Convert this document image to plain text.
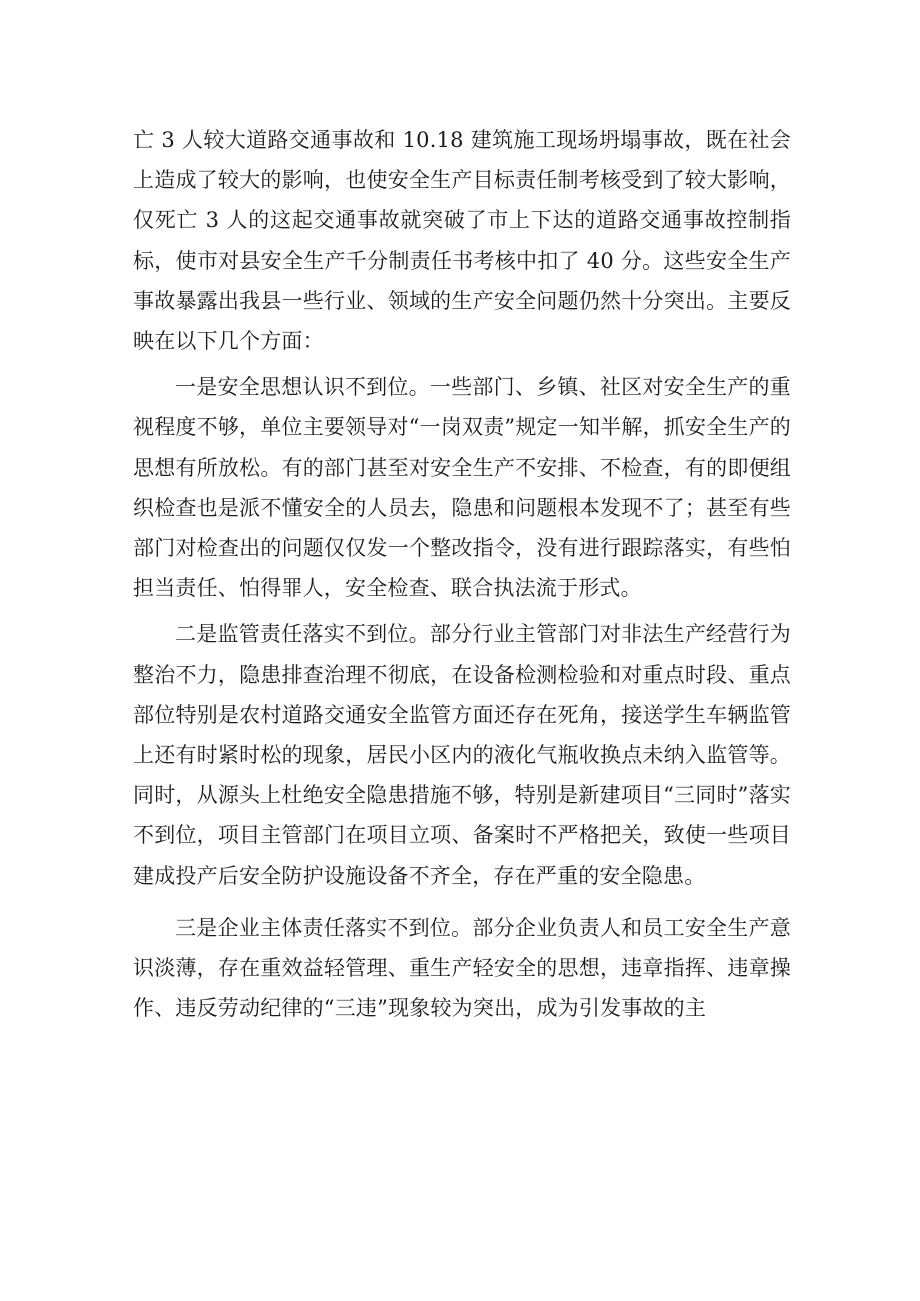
亡 3 人较大道路交通事故和 10.18 建筑施工现场坍塌事故，既在社会上造成了较大的影响，也使安全生产目标责任制考核受到了较大影响，仅死亡 3 人的这起交通事故就突破了市上下达的道路交通事故控制指标，使市对县安全生产千分制责任书考核中扣了 40 分。这些安全生产事故暴露出我县一些行业、领域的生产安全问题仍然十分突出。主要反映在以下几个方面：

一是安全思想认识不到位。一些部门、乡镇、社区对安全生产的重视程度不够，单位主要领导对“一岗双责”规定一知半解，抓安全生产的思想有所放松。有的部门甚至对安全生产不安排、不检查，有的即便组织检查也是派不懂安全的人员去，隐患和问题根本发现不了；甚至有些部门对检查出的问题仅仅发一个整改指令，没有进行跟踪落实，有些怕担当责任、怕得罪人，安全检查、联合执法流于形式。

二是监管责任落实不到位。部分行业主管部门对非法生产经营行为整治不力，隐患排查治理不彻底，在设备检测检验和对重点时段、重点部位特别是农村道路交通安全监管方面还存在死角，接送学生车辆监管上还有时紧时松的现象，居民小区内的液化气瓶收换点未纳入监管等。同时，从源头上杜绝安全隐患措施不够，特别是新建项目“三同时”落实不到位，项目主管部门在项目立项、备案时不严格把关，致使一些项目建成投产后安全防护设施设备不齐全，存在严重的安全隐患。

三是企业主体责任落实不到位。部分企业负责人和员工安全生产意识淡薄，存在重效益轻管理、重生产轻安全的思想，违章指挥、违章操作、违反劳动纪律的“三违”现象较为突出，成为引发事故的主
